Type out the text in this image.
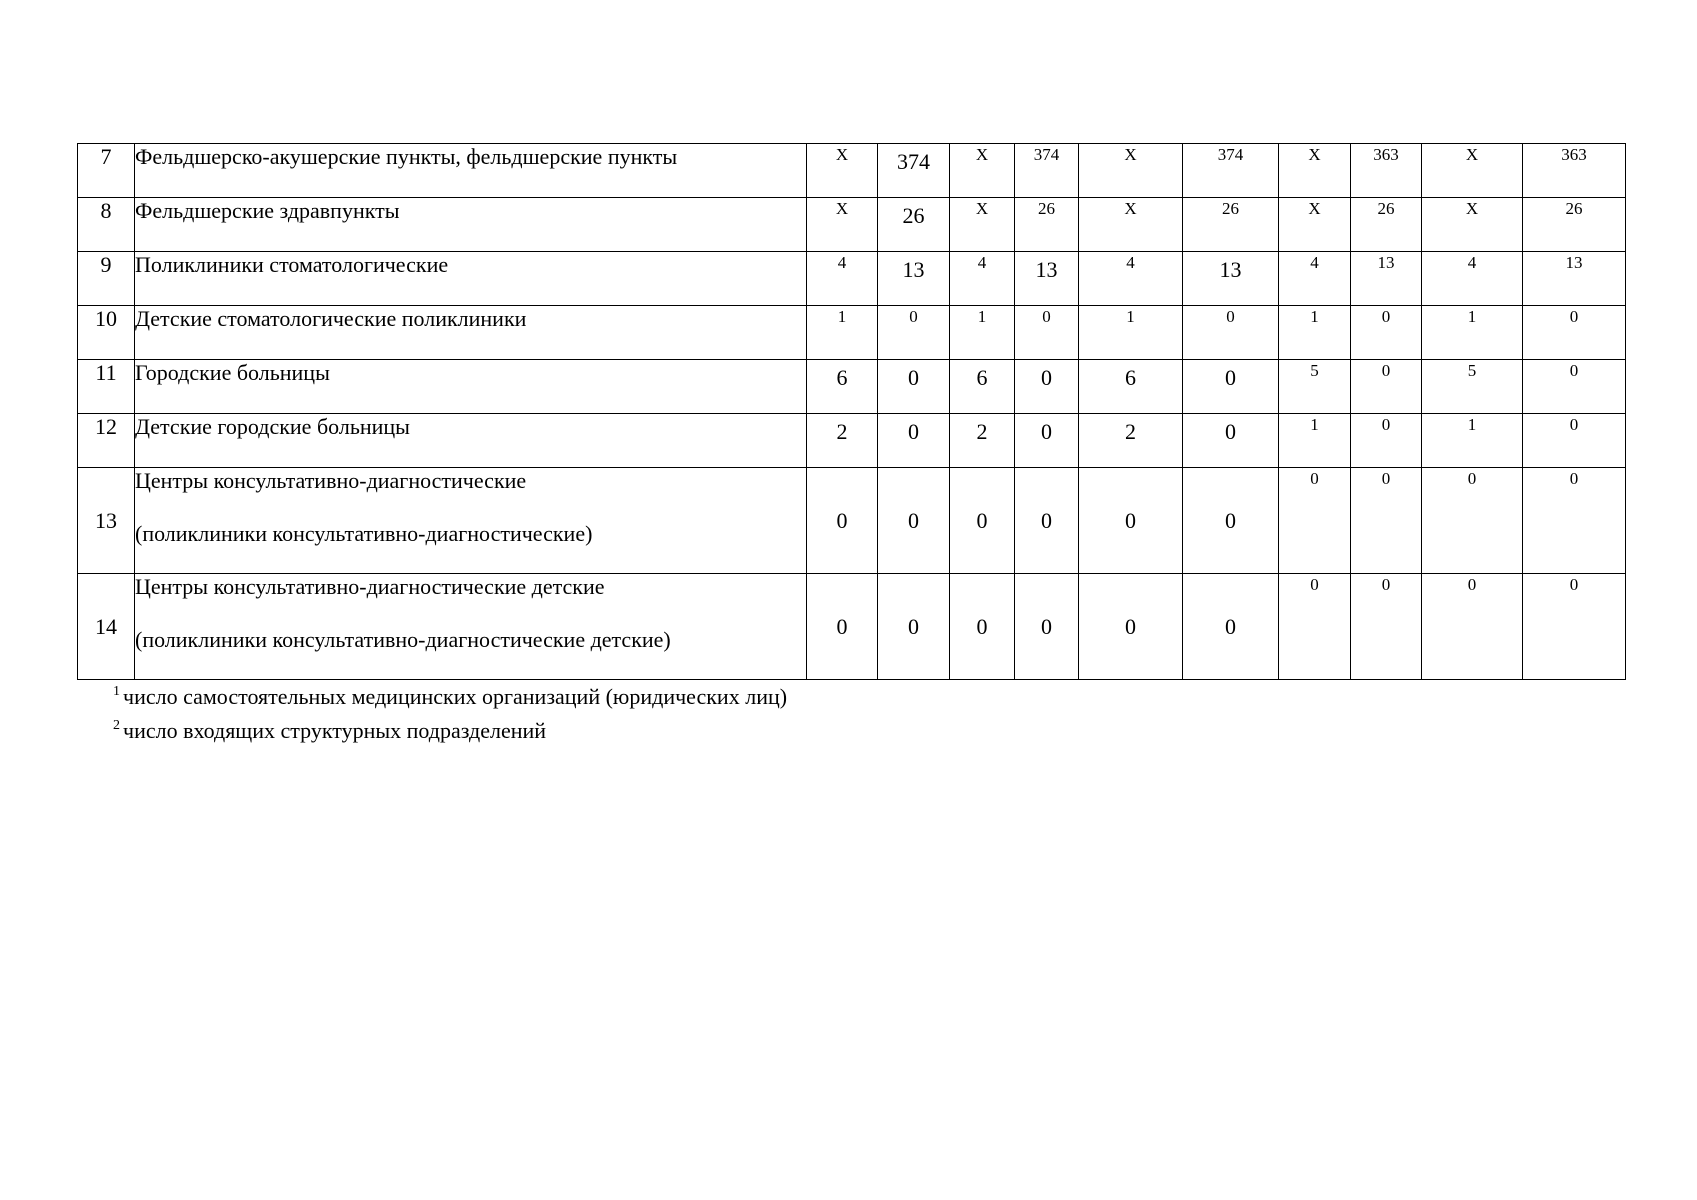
7	Фельдшерско-акушерские пункты, фельдшерские пункты	Х	374	Х	374	Х	374	Х	363	Х	363
8	Фельдшерские здравпункты	Х	26	Х	26	Х	26	Х	26	Х	26
9	Поликлиники стоматологические	4	13	4	13	4	13	4	13	4	13
10	Детские стоматологические поликлиники	1	0	1	0	1	0	1	0	1	0
11	Городские больницы	6	0	6	0	6	0	5	0	5	0
12	Детские городские больницы	2	0	2	0	2	0	1	0	1	0
13	Центры консультативно-диагностические
(поликлиники консультативно-диагностические)	0	0	0	0	0	0	0	0	0	0
14	Центры консультативно-диагностические детские
(поликлиники консультативно-диагностические детские)	0	0	0	0	0	0	0	0	0	0
$^1$ число самостоятельных медицинских организаций (юридических лиц)
$^2$ число входящих структурных подразделений
